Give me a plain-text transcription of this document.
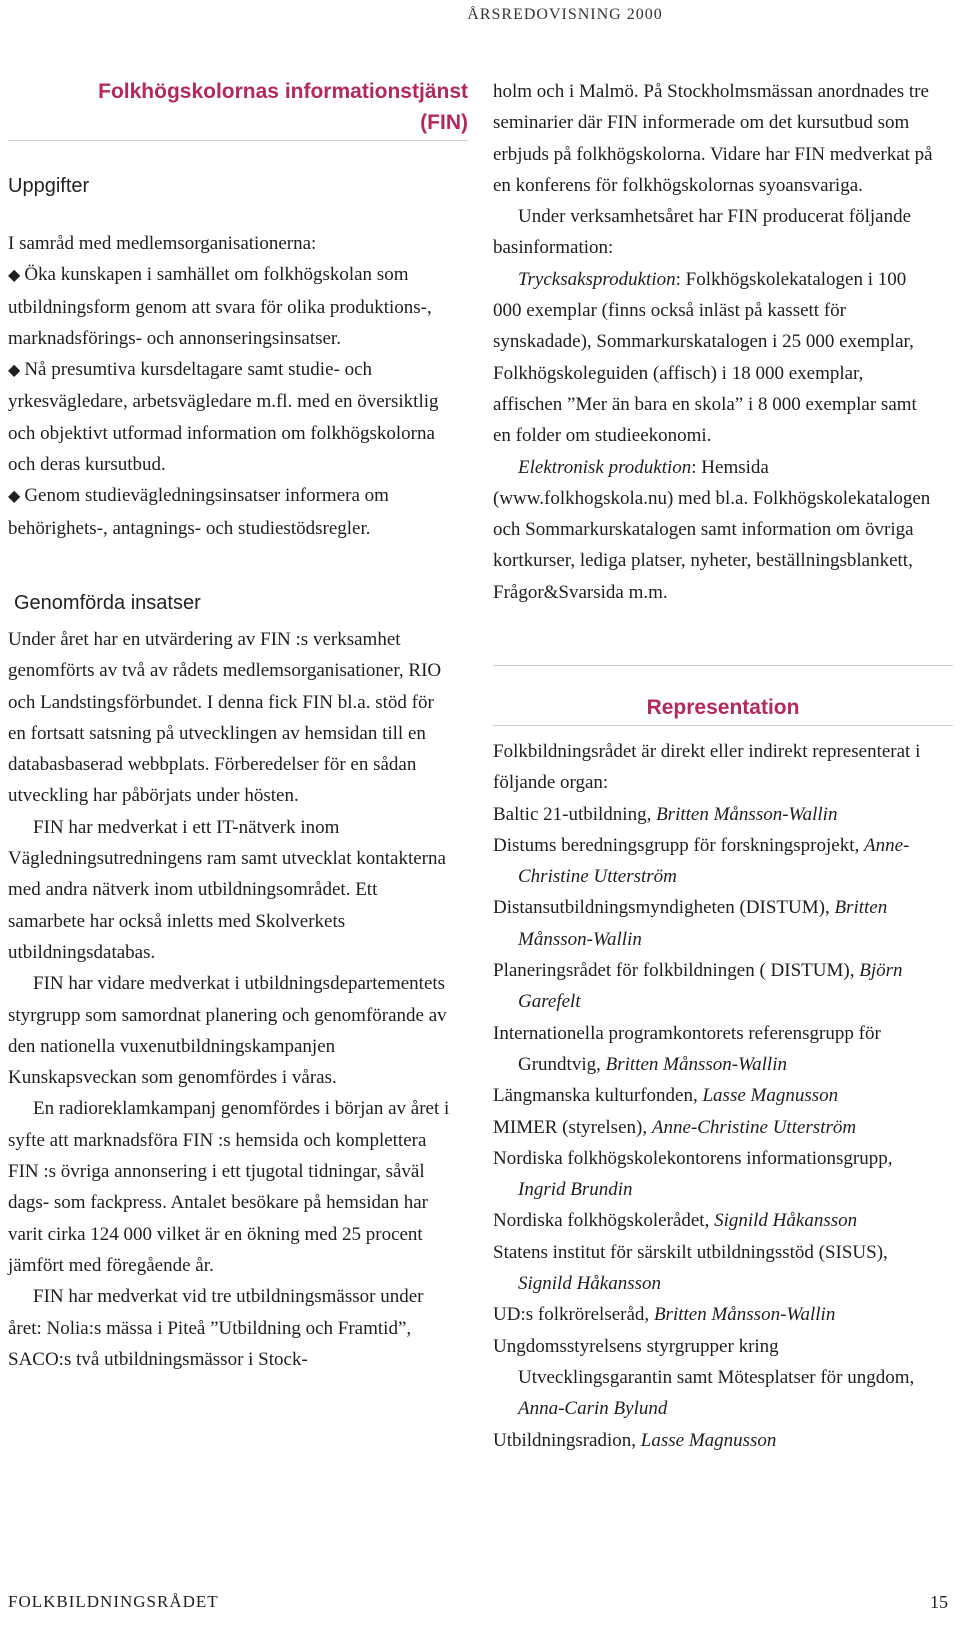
ÅRSREDOVISNING 2000
Folkhögskolornas informationstjänst
(FIN)
Uppgifter
I samråd med medlemsorganisationerna:
◆ Öka kunskapen i samhället om folkhögskolan som utbildningsform genom att svara för olika produktions-, marknadsförings- och annonseringsinsatser.
◆ Nå presumtiva kursdeltagare samt studie- och yrkesvägledare, arbetsvägledare m.fl. med en översiktlig och objektivt utformad information om folkhögskolorna och deras kursutbud.
◆ Genom studievägledningsinsatser informera om behörighets-, antagnings- och studiestödsregler.
Genomförda insatser
Under året har en utvärdering av FIN :s verksamhet genomförts av två av rådets medlemsorganisationer, RIO och Landstingsförbundet. I denna fick FIN bl.a. stöd för en fortsatt satsning på utvecklingen av hemsidan till en databasbaserad webbplats. Förberedelser för en sådan utveckling har påbörjats under hösten.
FIN har medverkat i ett IT-nätverk inom Vägledningsutredningens ram samt utvecklat kontakterna med andra nätverk inom utbildningsområdet. Ett samarbete har också inletts med Skolverkets utbildningsdatabas.
FIN har vidare medverkat i utbildningsdepartementets styrgrupp som samordnat planering och genomförande av den nationella vuxenutbildningskampanjen Kunskapsveckan som genomfördes i våras.
En radioreklamkampanj genomfördes i början av året i syfte att marknadsföra FIN :s hemsida och komplettera FIN :s övriga annonsering i ett tjugotal tidningar, såväl dags- som fackpress. Antalet besökare på hemsidan har varit cirka 124 000 vilket är en ökning med 25 procent jämfört med föregående år.
FIN har medverkat vid tre utbildningsmässor under året: Nolia:s mässa i Piteå ”Utbildning och Framtid”, SACO:s två utbildningsmässor i Stock-
holm och i Malmö. På Stockholmsmässan anordnades tre seminarier där FIN informerade om det kursutbud som erbjuds på folkhögskolorna. Vidare har FIN medverkat på en konferens för folkhögskolornas syoansvariga.
Under verksamhetsåret har FIN producerat följande basinformation:
Trycksaksproduktion: Folkhögskolekatalogen i 100 000 exemplar (finns också inläst på kassett för synskadade), Sommarkurskatalogen i 25 000 exemplar, Folkhögskoleguiden (affisch) i 18 000 exemplar, affischen ”Mer än bara en skola” i 8 000 exemplar samt en folder om studieekonomi.
Elektronisk produktion: Hemsida (www.folkhogskola.nu) med bl.a. Folkhögskolekatalogen och Sommarkurskatalogen samt information om övriga kortkurser, lediga platser, nyheter, beställningsblankett, Frågor&Svarsida m.m.
Representation
Folkbildningsrådet är direkt eller indirekt representerat i följande organ:
Baltic 21-utbildning, Britten Månsson-Wallin
Distums beredningsgrupp för forskningsprojekt, Anne-Christine Utterström
Distansutbildningsmyndigheten (DISTUM), Britten Månsson-Wallin
Planeringsrådet för folkbildningen ( DISTUM), Björn Garefelt
Internationella programkontorets referensgrupp för Grundtvig, Britten Månsson-Wallin
Längmanska kulturfonden, Lasse Magnusson
MIMER (styrelsen), Anne-Christine Utterström
Nordiska folkhögskolekontorens informationsgrupp, Ingrid Brundin
Nordiska folkhögskolerådet, Signild Håkansson
Statens institut för särskilt utbildningsstöd (SISUS), Signild Håkansson
UD:s folkrörelseråd, Britten Månsson-Wallin
Ungdomsstyrelsens styrgrupper kring Utvecklingsgarantin samt Mötesplatser för ungdom, Anna-Carin Bylund
Utbildningsradion, Lasse Magnusson
FOLKBILDNINGSRÅDET	15
